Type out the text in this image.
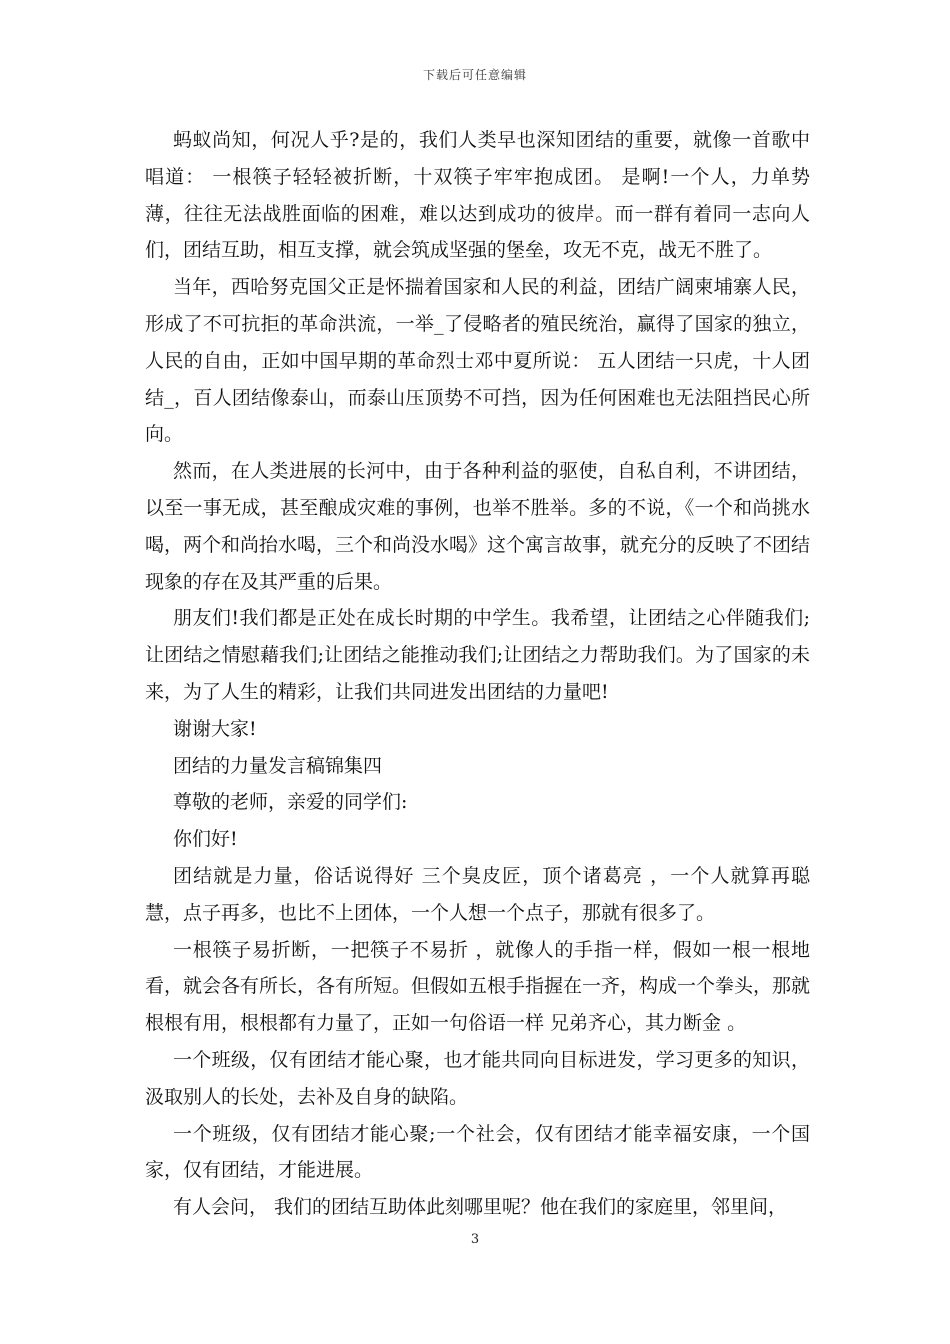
下载后可任意编辑

蚂蚁尚知，何况人乎?是的，我们人类早也深知团结的重要，就像一首歌中唱道： 一根筷子轻轻被折断，十双筷子牢牢抱成团。 是啊!一个人，力单势薄，往往无法战胜面临的困难，难以达到成功的彼岸。而一群有着同一志向人们，团结互助，相互支撑，就会筑成坚强的堡垒，攻无不克，战无不胜了。

当年，西哈努克国父正是怀揣着国家和人民的利益，团结广阔柬埔寨人民，形成了不可抗拒的革命洪流，一举_了侵略者的殖民统治，赢得了国家的独立，人民的自由，正如中国早期的革命烈士邓中夏所说： 五人团结一只虎，十人团结_，百人团结像泰山，而泰山压顶势不可挡，因为任何困难也无法阻挡民心所向。

然而，在人类进展的长河中，由于各种利益的驱使，自私自利，不讲团结，以至一事无成，甚至酿成灾难的事例，也举不胜举。多的不说，《一个和尚挑水喝，两个和尚抬水喝，三个和尚没水喝》这个寓言故事，就充分的反映了不团结现象的存在及其严重的后果。

朋友们!我们都是正处在成长时期的中学生。我希望，让团结之心伴随我们;让团结之情慰藉我们;让团结之能推动我们;让团结之力帮助我们。为了国家的未来，为了人生的精彩，让我们共同进发出团结的力量吧!

谢谢大家!

团结的力量发言稿锦集四

尊敬的老师，亲爱的同学们:

你们好!

团结就是力量，俗话说得好 三个臭皮匠，顶个诸葛亮 ，一个人就算再聪慧，点子再多，也比不上团体，一个人想一个点子，那就有很多了。

一根筷子易折断，一把筷子不易折 ，就像人的手指一样，假如一根一根地看，就会各有所长，各有所短。但假如五根手指握在一齐，构成一个拳头，那就根根有用，根根都有力量了，正如一句俗语一样 兄弟齐心，其力断金 。

一个班级，仅有团结才能心聚，也才能共同向目标进发，学习更多的知识，汲取别人的长处，去补及自身的缺陷。

一个班级，仅有团结才能心聚;一个社会，仅有团结才能幸福安康，一个国家，仅有团结，才能进展。

有人会问， 我们的团结互助体此刻哪里呢？他在我们的家庭里，邻里间，

3
